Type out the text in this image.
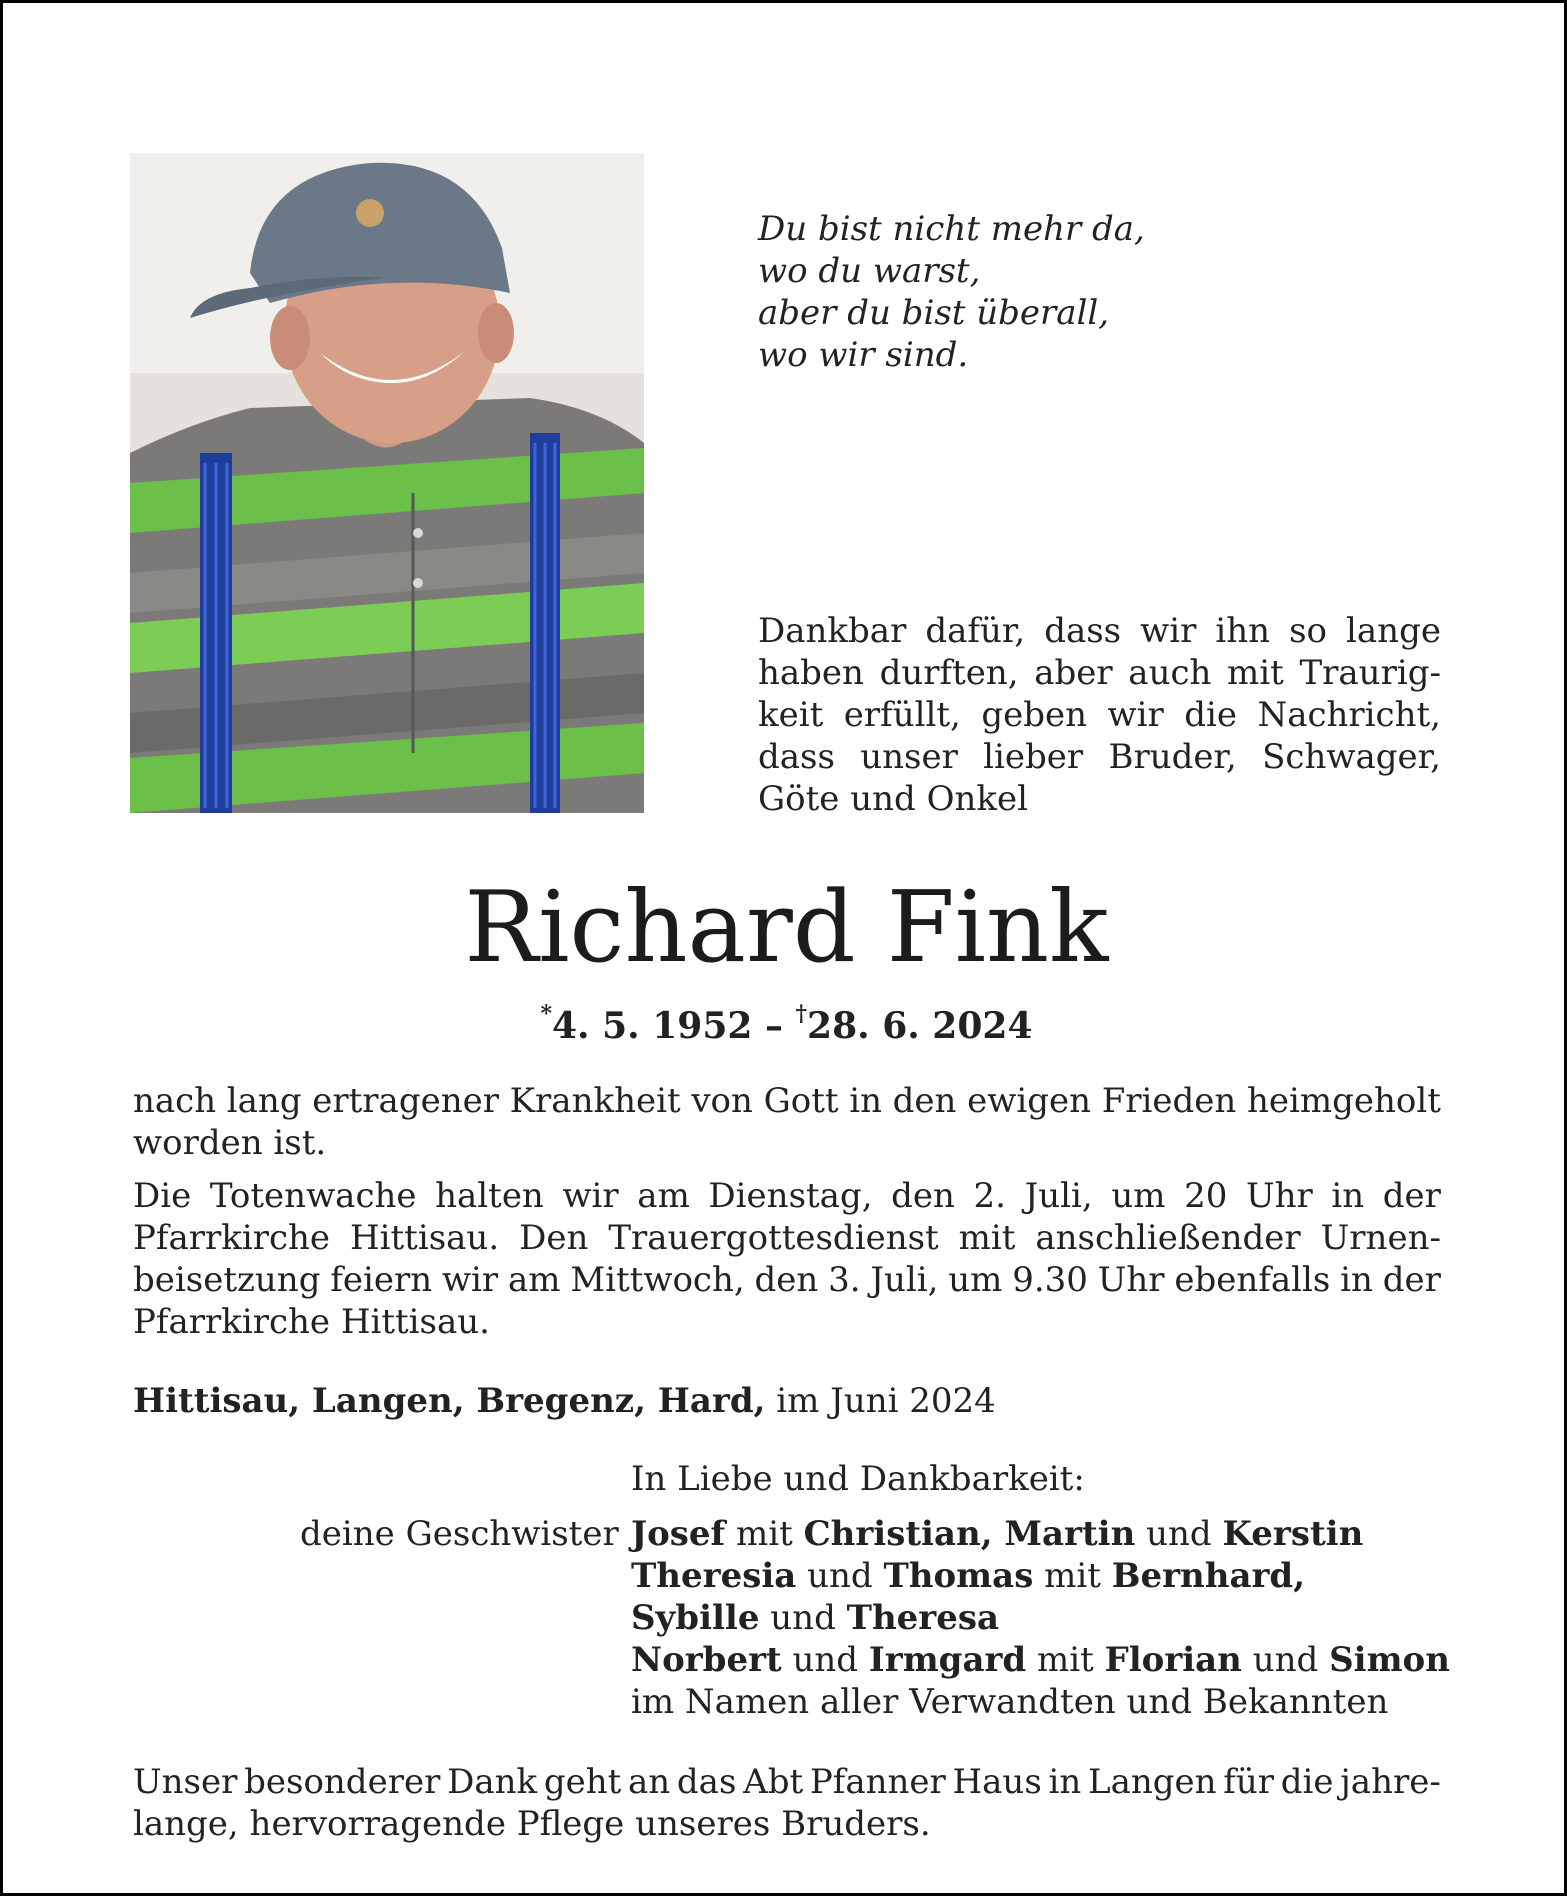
Du bist nicht mehr da,
wo du warst,
aber du bist überall,
wo wir sind.
Dankbar dafür, dass wir ihn so lange
haben durften, aber auch mit Traurig-
keit erfüllt, geben wir die Nachricht,
dass unser lieber Bruder, Schwager,
Göte und Onkel
Richard Fink
*4. 5. 1952 – †28. 6. 2024
nach lang ertragener Krankheit von Gott in den ewigen Frieden heimgeholt
worden ist.
Die Totenwache halten wir am Dienstag, den 2. Juli, um 20 Uhr in der
Pfarrkirche Hittisau. Den Trauergottesdienst mit anschließender Urnen-
beisetzung feiern wir am Mittwoch, den 3. Juli, um 9.30 Uhr ebenfalls in der
Pfarrkirche Hittisau.
Hittisau, Langen, Bregenz, Hard, im Juni 2024
In Liebe und Dankbarkeit:
deine Geschwister Josef mit Christian, Martin und Kerstin
Theresia und Thomas mit Bernhard,
Sybille und Theresa
Norbert und Irmgard mit Florian und Simon
im Namen aller Verwandten und Bekannten
Unser besonderer Dank geht an das Abt Pfanner Haus in Langen für die jahre-
lange, hervorragende Pflege unseres Bruders.
